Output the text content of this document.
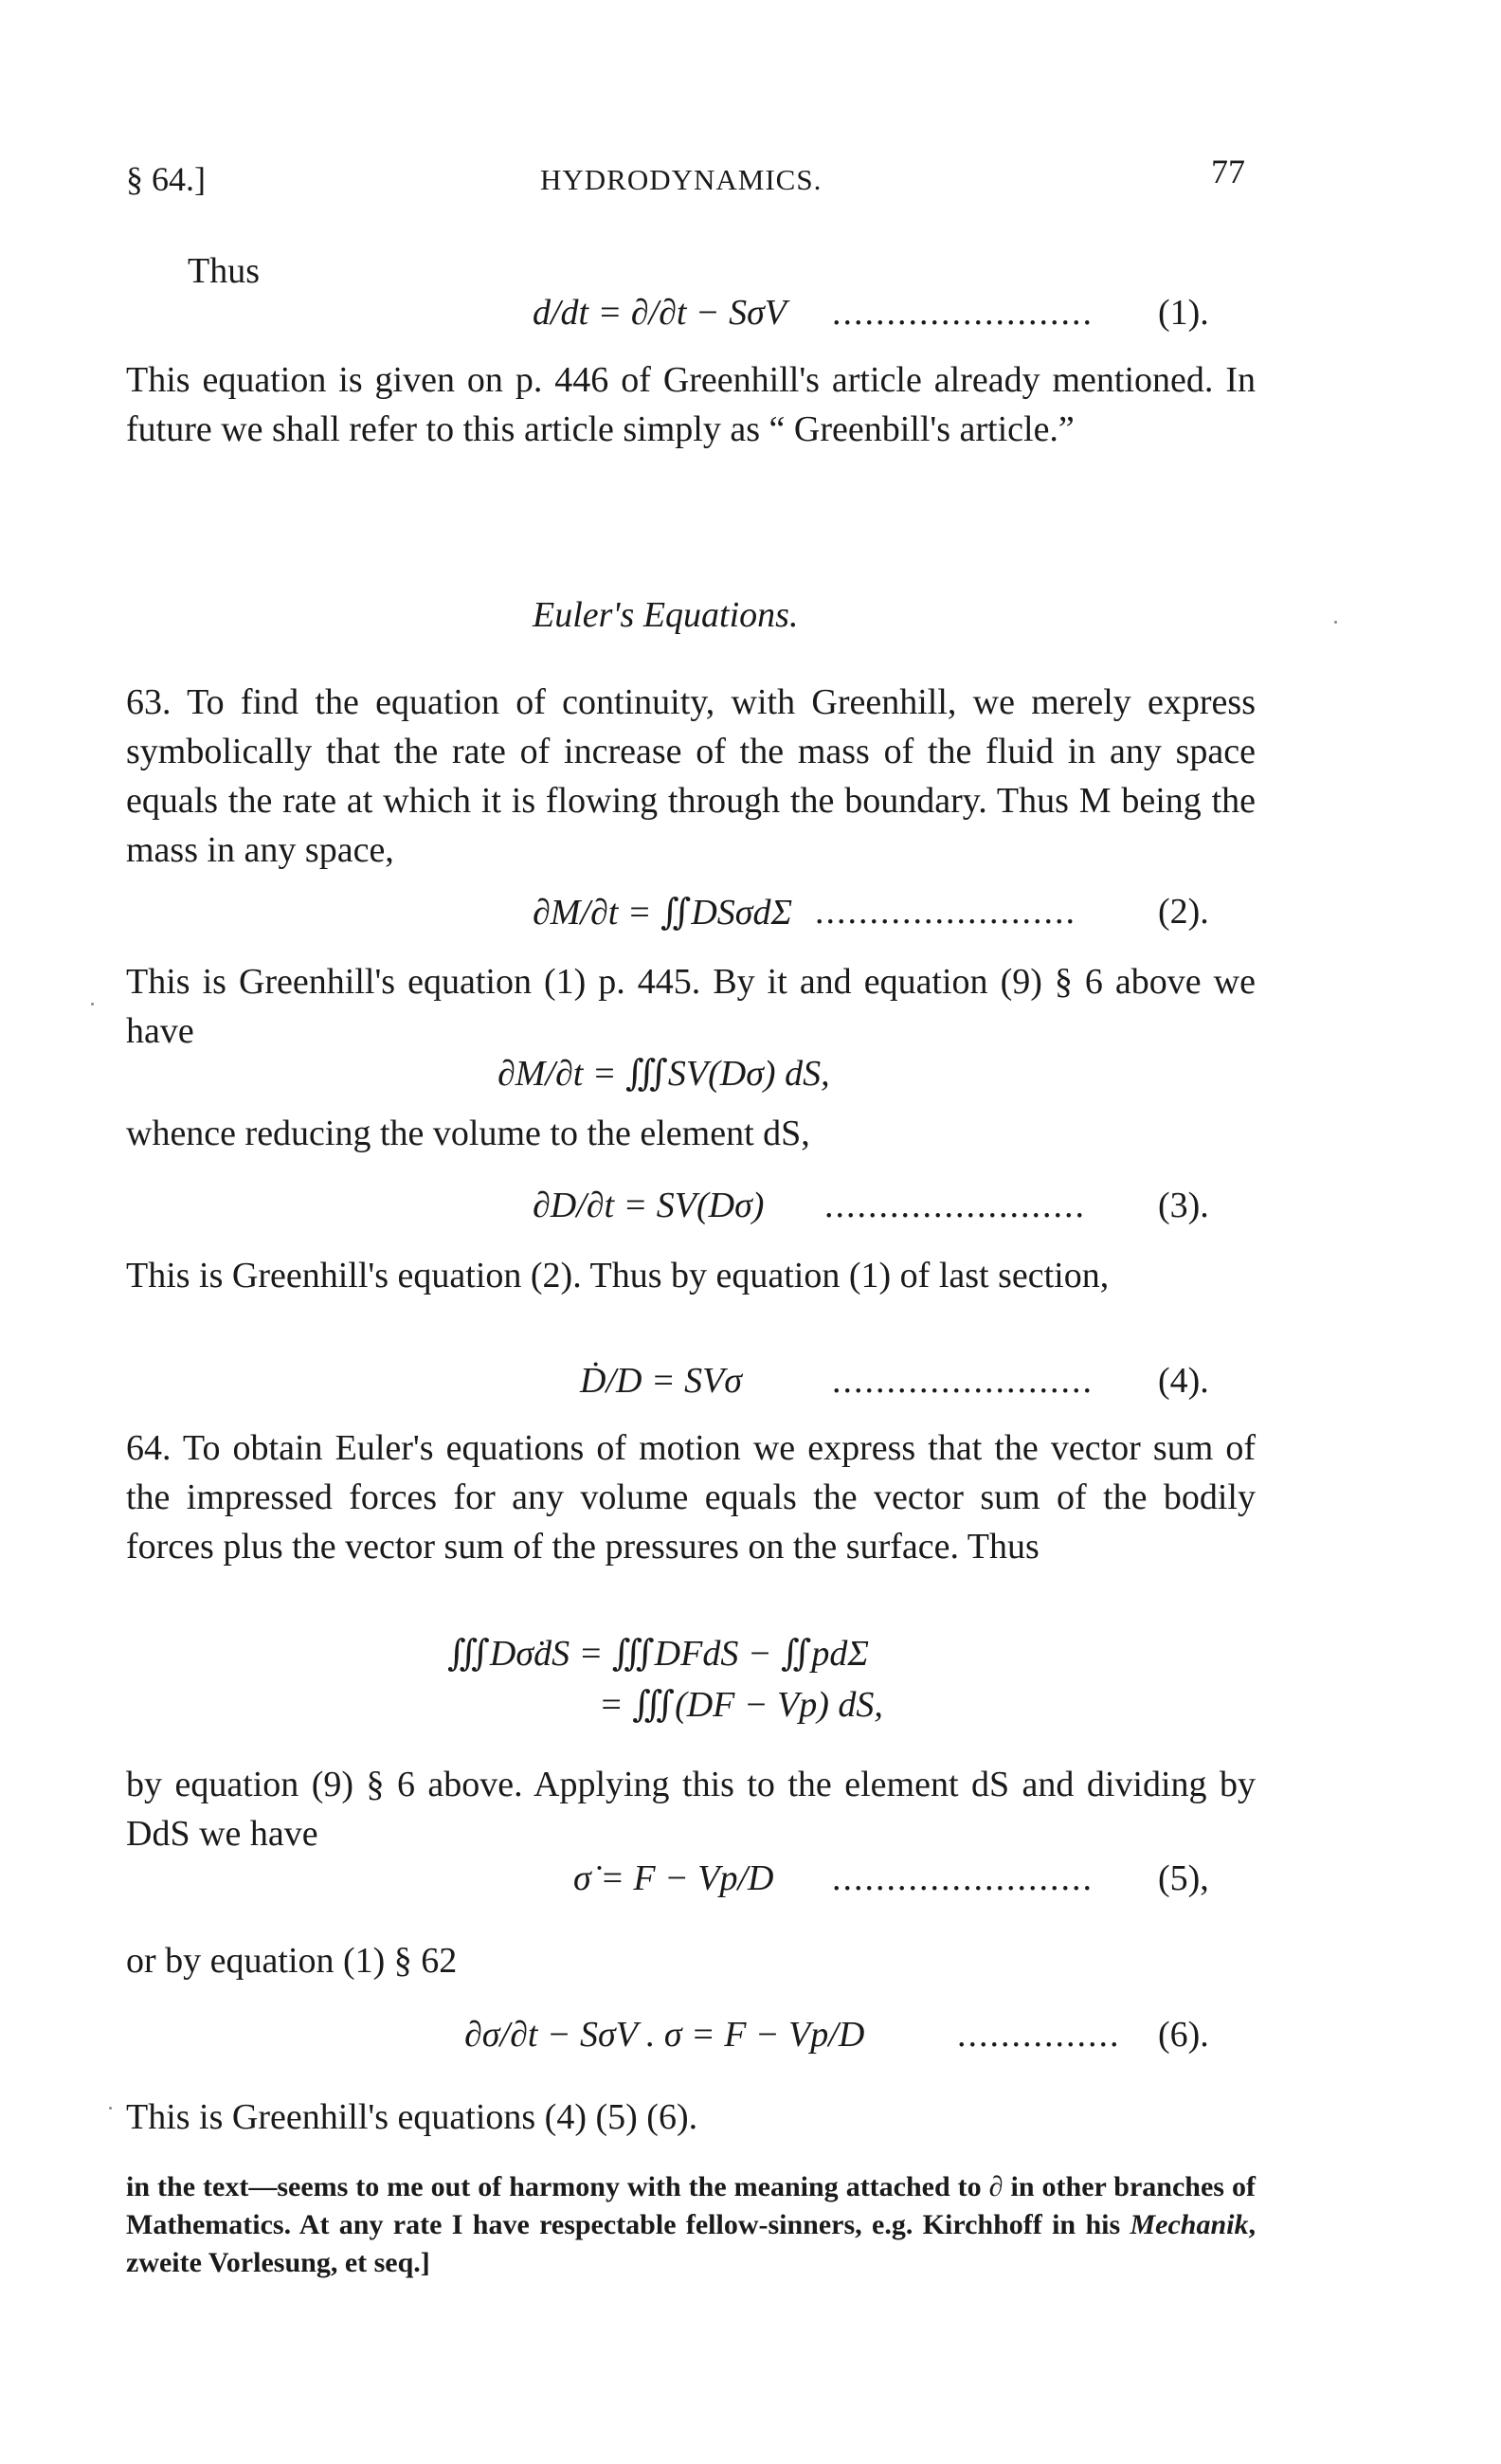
§ 64.]	HYDRODYNAMICS.	77
Thus
d/dt = ∂/∂t − SσV ........................	(1).
This equation is given on p. 446 of Greenhill's article already mentioned. In future we shall refer to this article simply as “ Greenbill's article.”
Euler's Equations.
63. To find the equation of continuity, with Greenhill, we merely express symbolically that the rate of increase of the mass of the fluid in any space equals the rate at which it is flowing through the boundary. Thus M being the mass in any space,
∂M/∂t = ∬DSσdΣ ........................	(2).
This is Greenhill's equation (1) p. 445. By it and equation (9) § 6 above we have
∂M/∂t = ∭SV(Dσ) dS,
whence reducing the volume to the element dS,
∂D/∂t = SV(Dσ) ........................	(3).
This is Greenhill's equation (2). Thus by equation (1) of last section,
Ḋ/D = SVσ ........................	(4).
64. To obtain Euler's equations of motion we express that the vector sum of the impressed forces for any volume equals the vector sum of the bodily forces plus the vector sum of the pressures on the surface. Thus
∭Dσ̇dS = ∭DFdS − ∬pdΣ
= ∭(DF − Vp) dS,
by equation (9) § 6 above. Applying this to the element dS and dividing by DdS we have
σ̇ = F − Vp/D ........................	(5),
or by equation (1) § 62
∂σ/∂t − SσV . σ = F − Vp/D	...............	(6).
This is Greenhill's equations (4) (5) (6).
in the text—seems to me out of harmony with the meaning attached to ∂ in other branches of Mathematics. At any rate I have respectable fellow-sinners, e.g. Kirchhoff in his Mechanik, zweite Vorlesung, et seq.]
